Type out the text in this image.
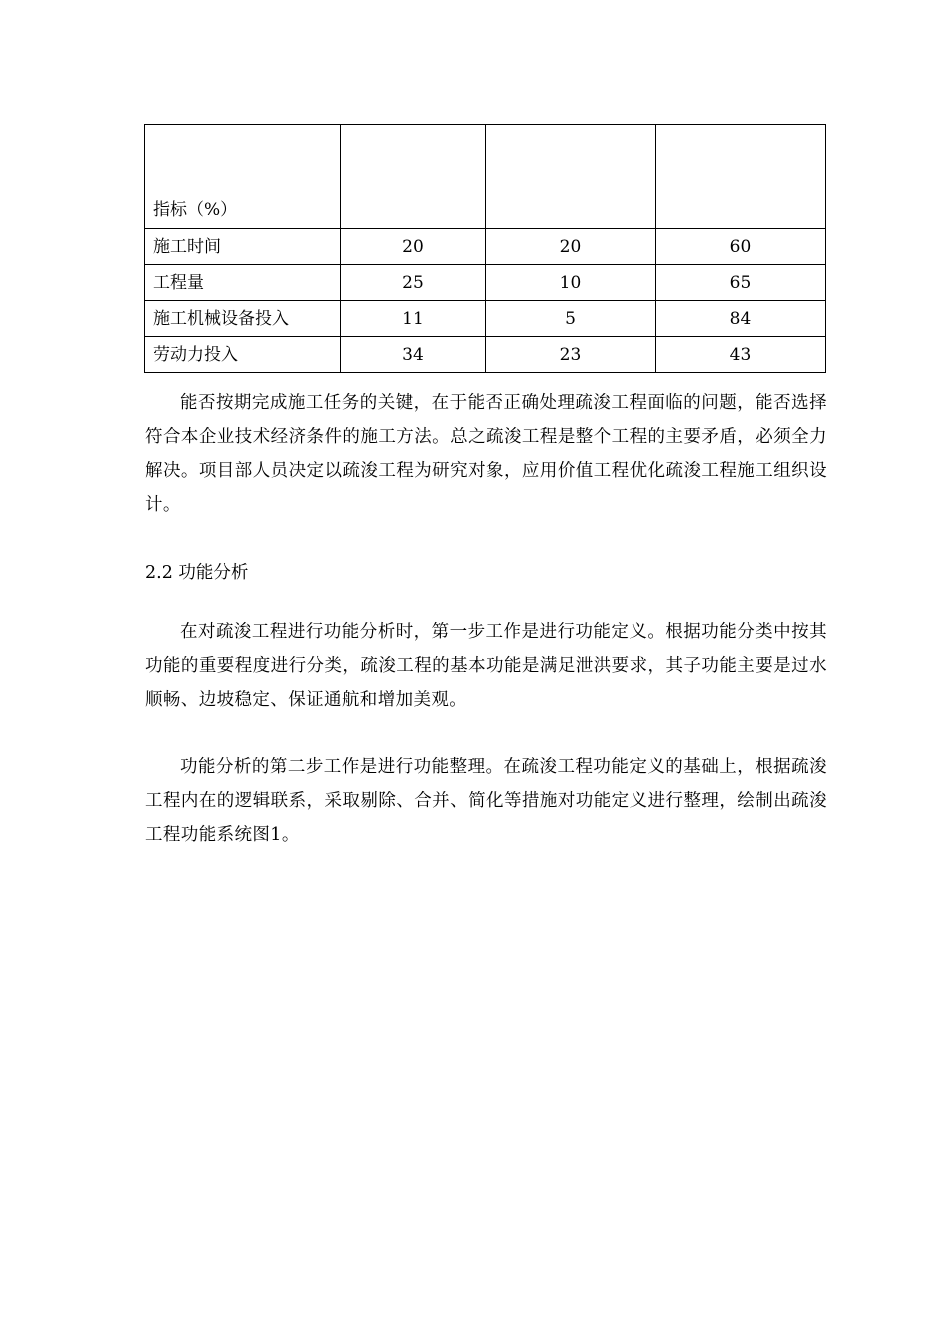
指标（%）			
施工时间	20	20	60
工程量	25	10	65
施工机械设备投入	11	5	84
劳动力投入	34	23	43

能否按期完成施工任务的关键，在于能否正确处理疏浚工程面临的问题，能否选择符合本企业技术经济条件的施工方法。总之疏浚工程是整个工程的主要矛盾，必须全力解决。项目部人员决定以疏浚工程为研究对象，应用价值工程优化疏浚工程施工组织设计。

2.2 功能分析

在对疏浚工程进行功能分析时，第一步工作是进行功能定义。根据功能分类中按其功能的重要程度进行分类，疏浚工程的基本功能是满足泄洪要求，其子功能主要是过水顺畅、边坡稳定、保证通航和增加美观。

功能分析的第二步工作是进行功能整理。在疏浚工程功能定义的基础上，根据疏浚工程内在的逻辑联系，采取剔除、合并、简化等措施对功能定义进行整理，绘制出疏浚工程功能系统图1。
